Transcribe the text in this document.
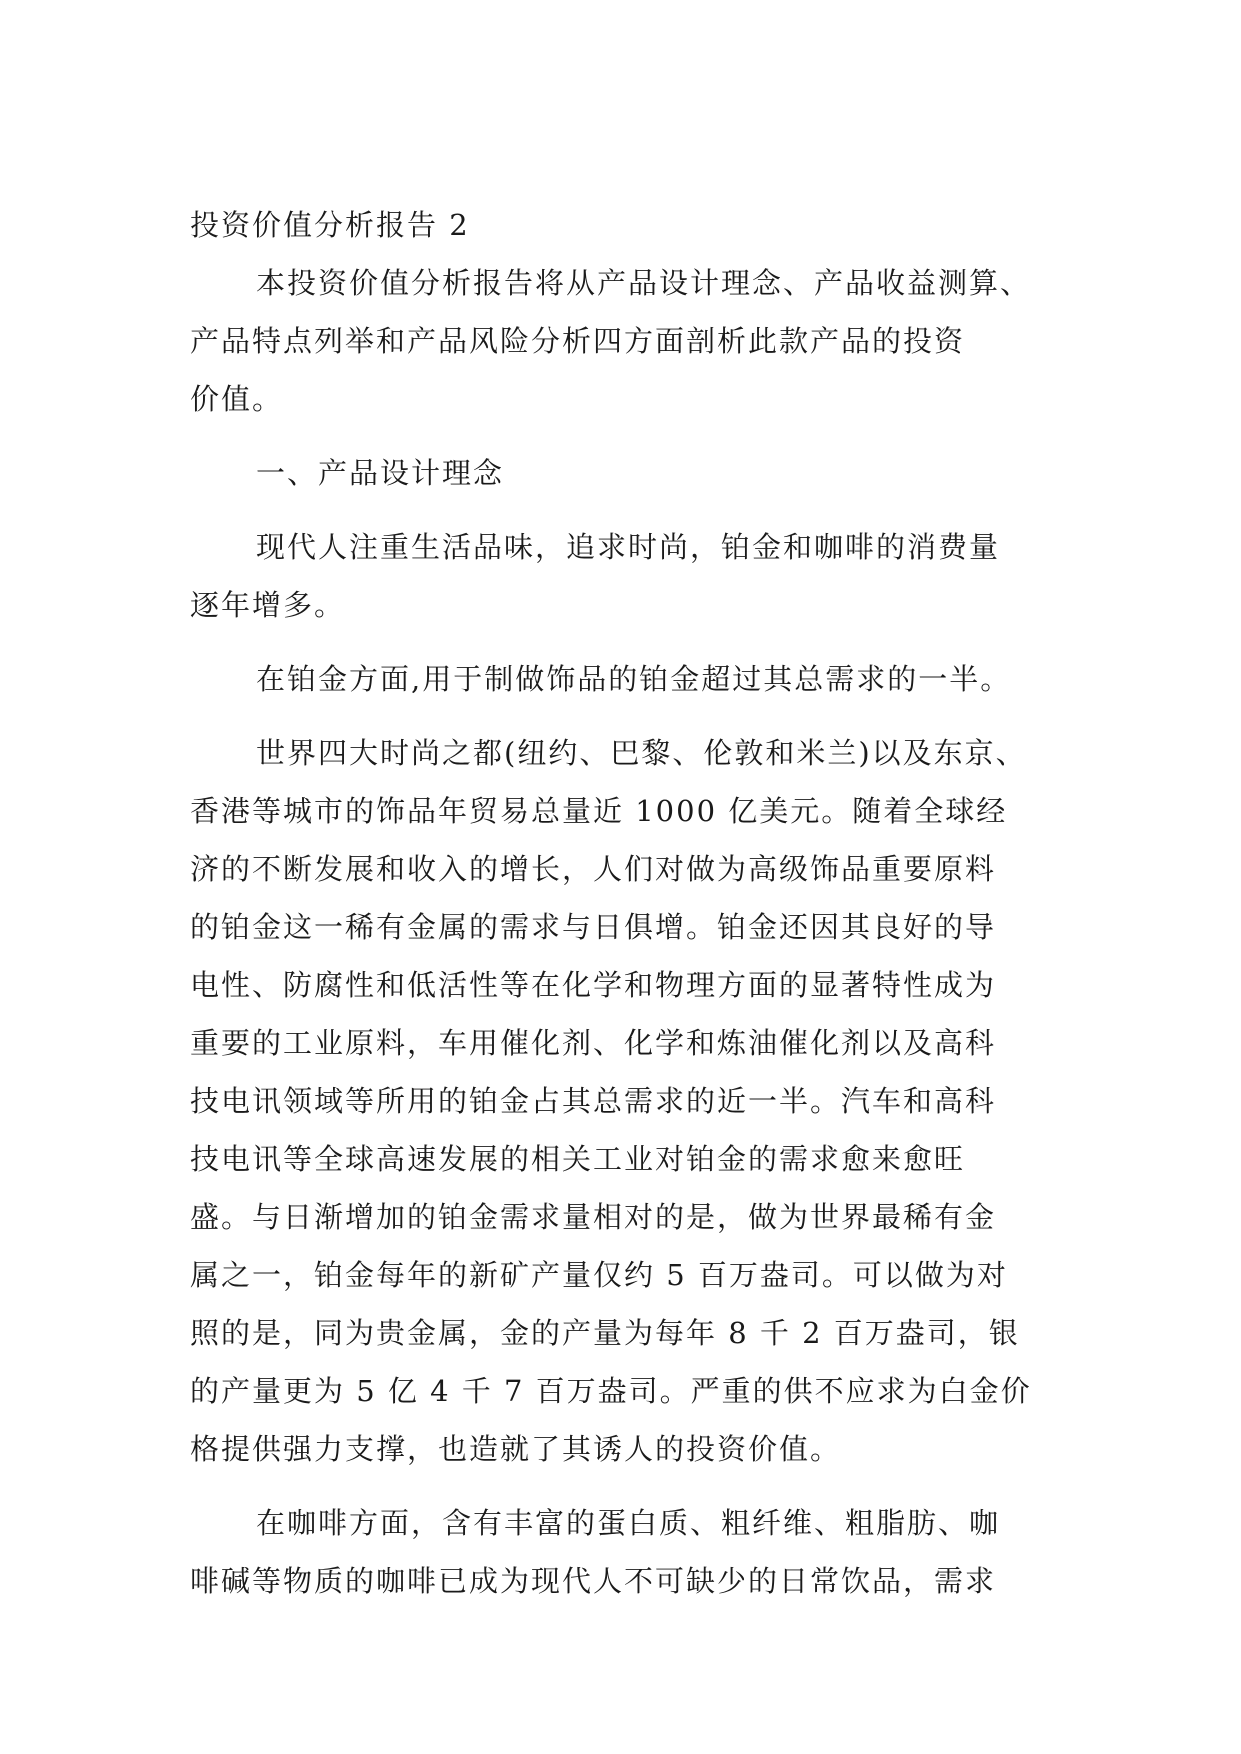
投资价值分析报告 2
本投资价值分析报告将从产品设计理念、产品收益测算、
产品特点列举和产品风险分析四方面剖析此款产品的投资
价值。
一、产品设计理念
现代人注重生活品味，追求时尚，铂金和咖啡的消费量
逐年增多。
在铂金方面,用于制做饰品的铂金超过其总需求的一半。
世界四大时尚之都(纽约、巴黎、伦敦和米兰)以及东京、
香港等城市的饰品年贸易总量近 1000 亿美元。随着全球经
济的不断发展和收入的增长，人们对做为高级饰品重要原料
的铂金这一稀有金属的需求与日俱增。铂金还因其良好的导
电性、防腐性和低活性等在化学和物理方面的显著特性成为
重要的工业原料，车用催化剂、化学和炼油催化剂以及高科
技电讯领域等所用的铂金占其总需求的近一半。汽车和高科
技电讯等全球高速发展的相关工业对铂金的需求愈来愈旺
盛。与日渐增加的铂金需求量相对的是，做为世界最稀有金
属之一，铂金每年的新矿产量仅约 5 百万盎司。可以做为对
照的是，同为贵金属，金的产量为每年 8 千 2 百万盎司，银
的产量更为 5 亿 4 千 7 百万盎司。严重的供不应求为白金价
格提供强力支撑，也造就了其诱人的投资价值。
在咖啡方面，含有丰富的蛋白质、粗纤维、粗脂肪、咖
啡碱等物质的咖啡已成为现代人不可缺少的日常饮品，需求
